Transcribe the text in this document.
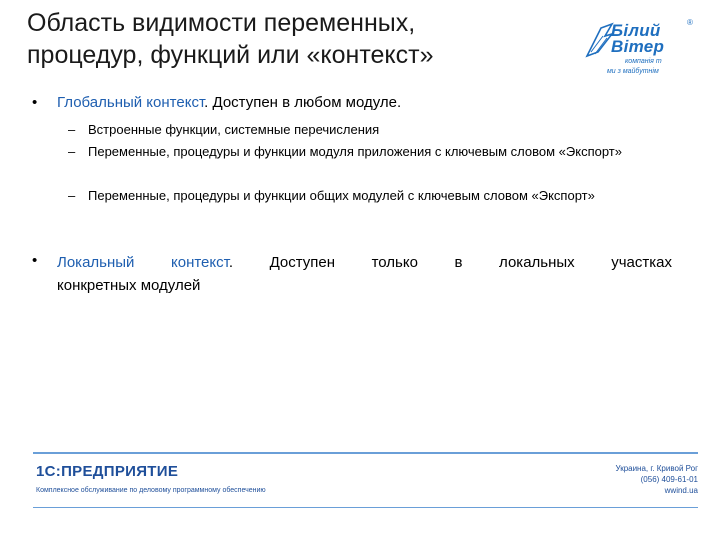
Область видимости переменных,
процедур, функций или «контекст»
Білий
Вітер
компанія т
ми з майбутнім
®
• Глобальный контекст. Доступен в любом модуле.
– Встроенные функции, системные перечисления
– Переменные, процедуры и функции модуля приложения с ключевым словом «Экспорт»
– Переменные, процедуры и функции общих модулей с ключевым словом «Экспорт»
• Локальный контекст. Доступен только в локальных участках
конкретных модулей
1С:ПРЕДПРИЯТИЕ
Комплексное обслуживание по деловому программному обеспечению
Украина, г. Кривой Рог
(056) 409-61-01
wwind.ua
